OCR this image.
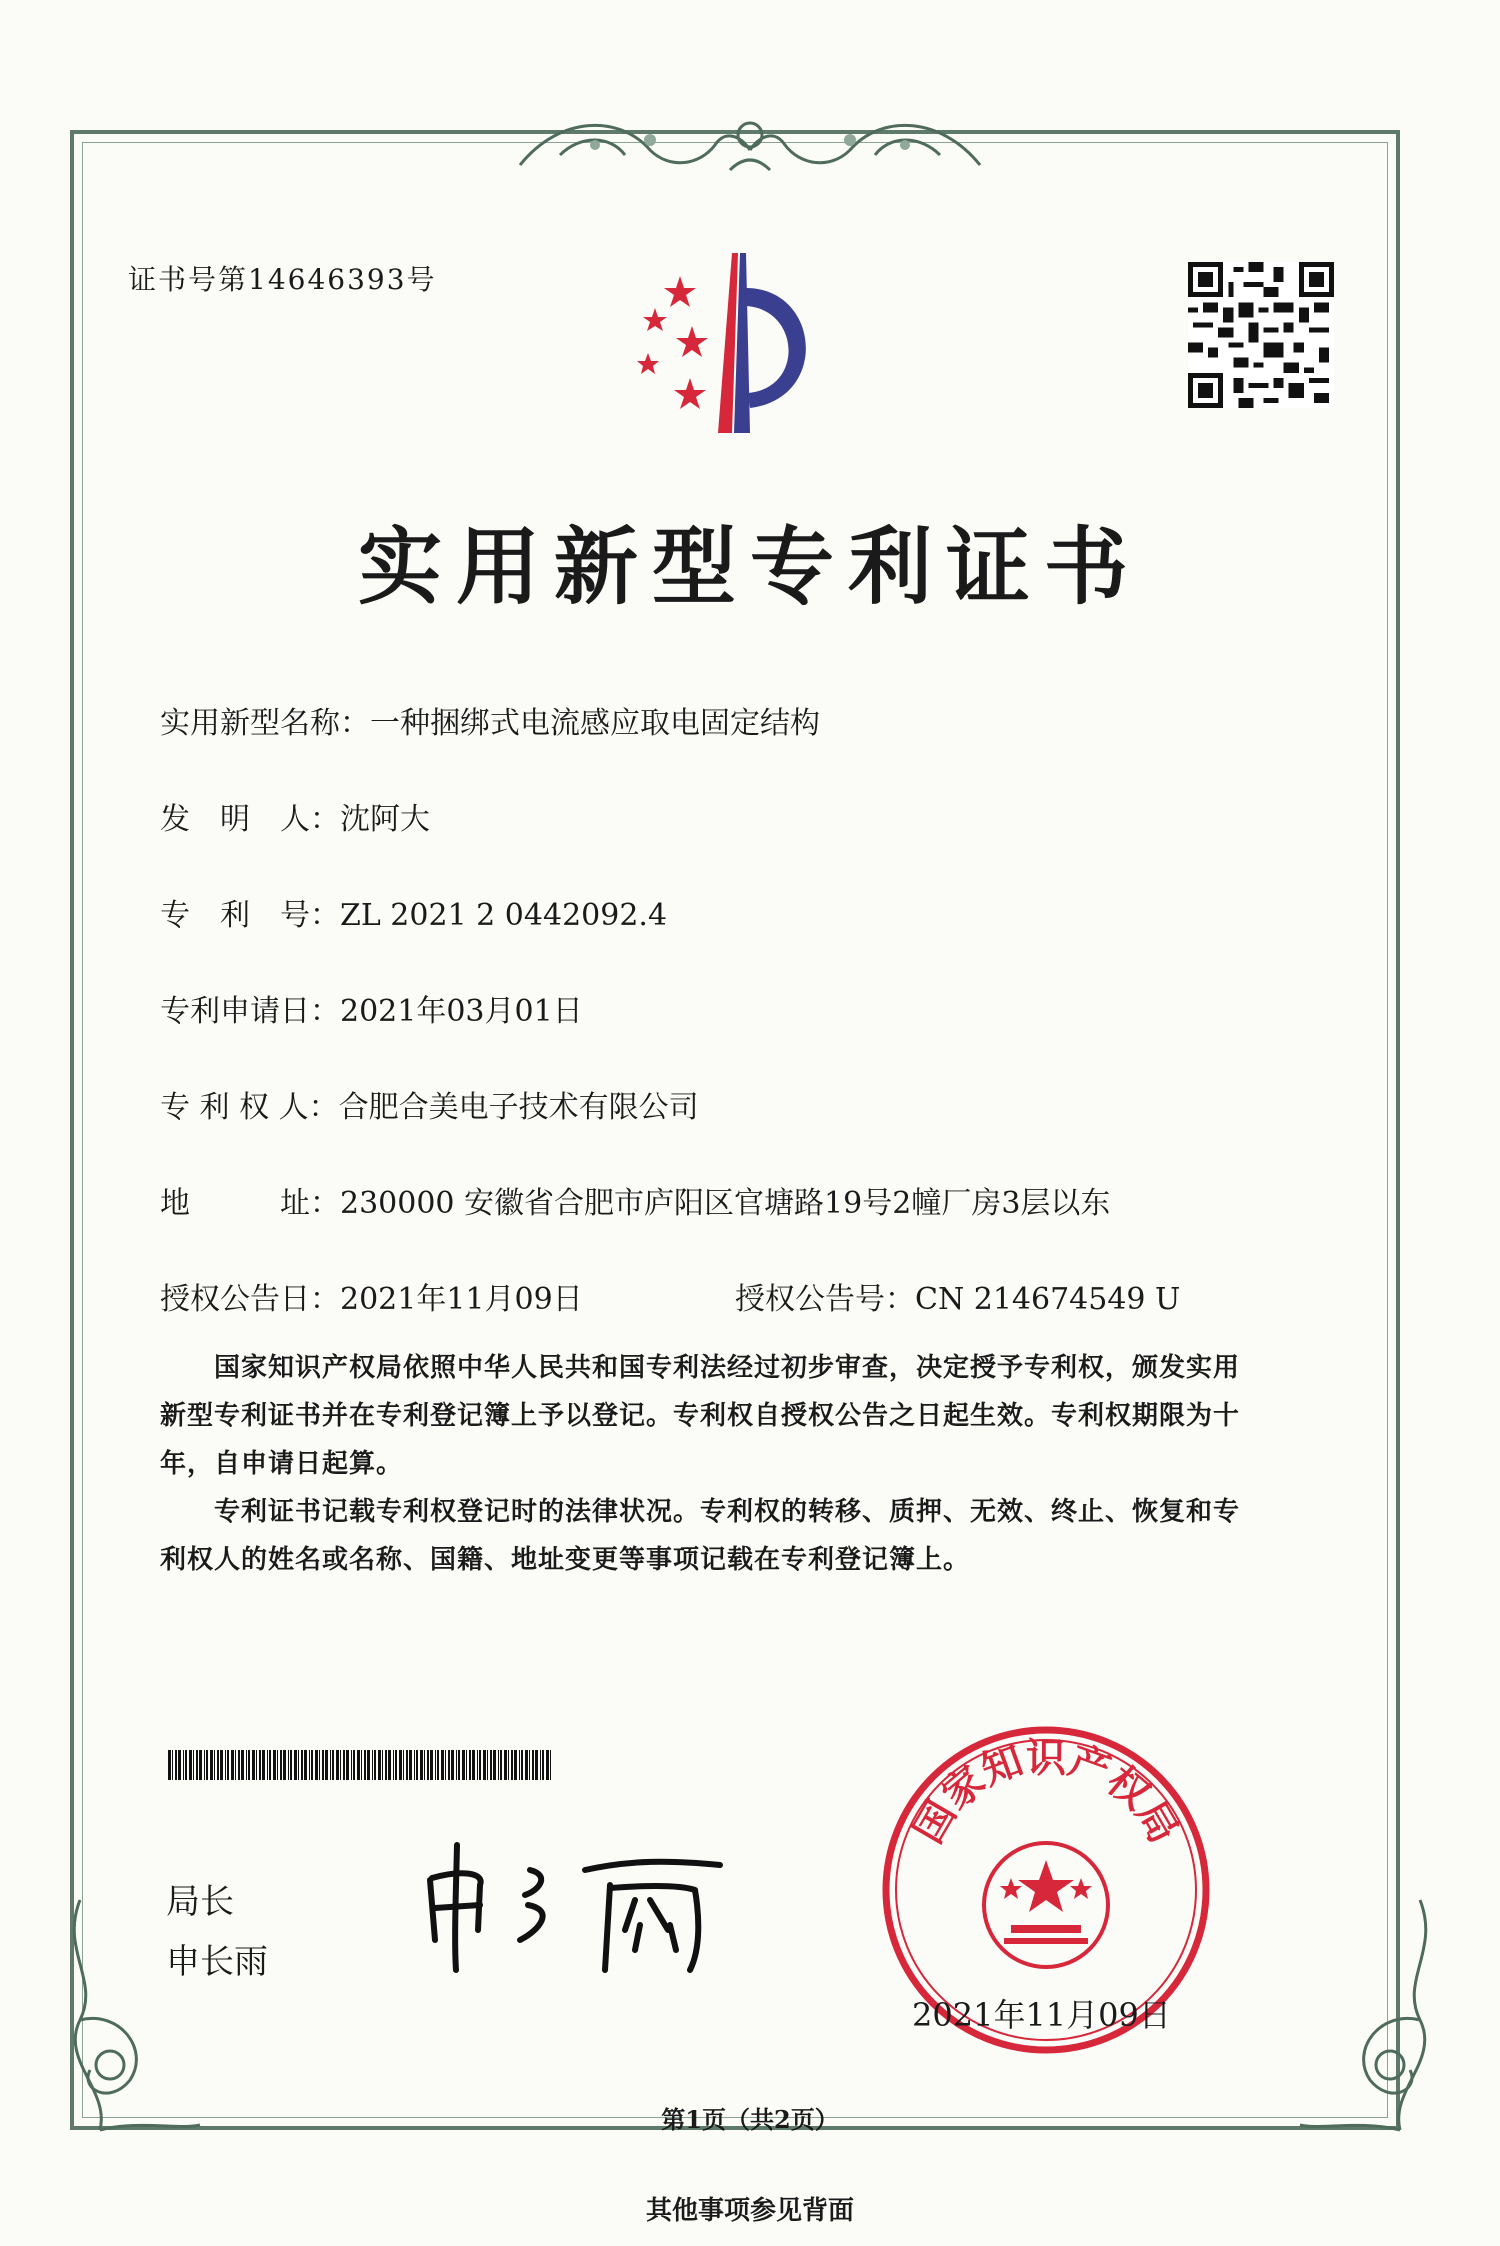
证书号第14646393号
实用新型专利证书
实用新型名称：一种捆绑式电流感应取电固定结构
发　明　人：沈阿大
专　利　号：ZL 2021 2 0442092.4
专利申请日：2021年03月01日
专 利 权 人：合肥合美电子技术有限公司
地　　　址：230000 安徽省合肥市庐阳区官塘路19号2幢厂房3层以东
授权公告日：2021年11月09日	授权公告号：CN 214674549 U
　　国家知识产权局依照中华人民共和国专利法经过初步审查，决定授予专利权，颁发实用
新型专利证书并在专利登记簿上予以登记。专利权自授权公告之日起生效。专利权期限为十
年，自申请日起算。
　　专利证书记载专利权登记时的法律状况。专利权的转移、质押、无效、终止、恢复和专
利权人的姓名或名称、国籍、地址变更等事项记载在专利登记簿上。
局长
申长雨
国家知识产权局
2021年11月09日
第1页（共2页）
其他事项参见背面
